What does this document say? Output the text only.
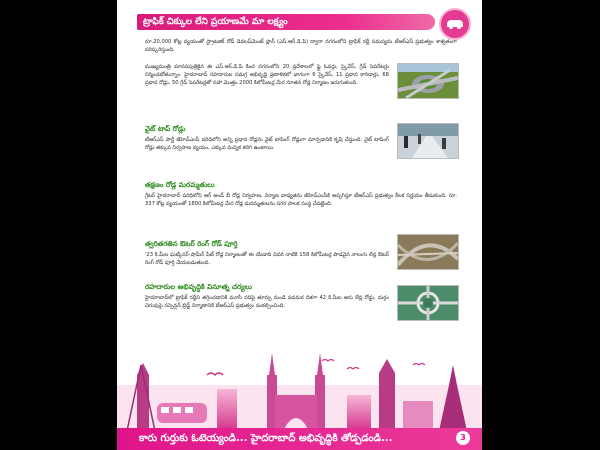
ట్రాఫిక్ చిక్కుల లేని ప్రయాణమే మా లక్ష్యం

రూ.20,000 కోట్ల వ్యయంతో స్ట్రాటజిక్ రోడ్ డెవలప్‌మెంట్ ప్లాన్ (ఎస్.ఆర్.డి.పి) ద్వారా నగరంలోని ట్రాఫిక్ రద్దీ సమస్యను టీఆర్ఎస్ ప్రభుత్వం శాశ్వతంగా పరిష్కరిస్తుంది.

ముఖ్యమంత్రి మానసపుత్రికైన ఈ ఎస్.ఆర్.డి.పి కింద నగరంలోని 20 ప్రదేశాలలో ఫ్లై ఓవర్లు, స్కైవేస్, గ్రేడ్ సెపరేటర్లు నిర్మించబోతున్నాం. హైదరాబాద్ రహదారుల సమగ్ర అభివృద్ధి ప్రణాళికలో భాగంగా 6 స్కైవేస్, 11 ప్రధాన కారిడార్లు, 68 ప్రధాన రోడ్లు, 50 గ్రేడ్ సెపరేటర్లతో సహా మొత్తం 2000 కిలోమీటర్ల మేర నూతన రోడ్ల నిర్మాణం జరుగుతుంది.

వైట్ టాప్ రోడ్లు

టీఆర్ఎస్ పార్టీ జీహెచ్ఎంసీ పరిధిలోని అన్ని ప్రధాన రోడ్లను వైట్ టాపింగ్ రోడ్లుగా మార్చడానికి కృషి చేస్తుంది. వైట్ టాపింగ్ రోడ్లు తక్కువ నిర్వహణ వ్యయం, ఎక్కువ మన్నిక కలిగి ఉంటాయి.

తక్షణం రోడ్ల మరమ్మతులు

గ్రేటర్ హైదరాబాద్ పరిధిలోని ఆర్ అండ్ బీ రోడ్ల నిర్వహణ, నిర్మాణ బాధ్యతను జీహెచ్ఎంసీకి అప్పగిస్తూ టీఆర్ఎస్ ప్రభుత్వం కీలక నిర్ణయం తీసుకుంది. రూ. 337 కోట్ల వ్యయంతో 1800 కిలోమీటర్ల మేర రోడ్ల మరమ్మతులను సగర పాలక సంస్థ చేపట్టింది.

త్వరితగతిన ఔటర్ రింగ్ రోడ్ పూర్తి

'23 కి.మీల ఘట్కేసర్-షామీర్ పేట్ రోడ్ల నిర్మాణంతో ఈ యేడాది చివరి నాటికి 158 కిలోమీటర్ల పొడవైన నాలుగు లేన్ల ఔటర్ రింగ్ రోడ్ పూర్తి చేయబడుతుంది.

రహదారుల అభివృద్ధికి వినూత్న చర్యలు

హైదరాబాద్‌లో ట్రాఫిక్ రద్దీని తగ్గించడానికి మూసీ నదిపై తూర్పు నుండి పడమర దిశగా 42 కి.మీల ఆరు లేన్ల రోడ్డు, దుర్గం చెరువుపై సస్పెన్షన్ బ్రిడ్జ్ నిర్మాణానికి టీఆర్ఎస్ ప్రభుత్వం సంకల్పించింది.

కారు గుర్తుకు ఓటెయ్యండి... హైదరాబాద్ అభివృద్ధికి తోడ్పడండి...	3
